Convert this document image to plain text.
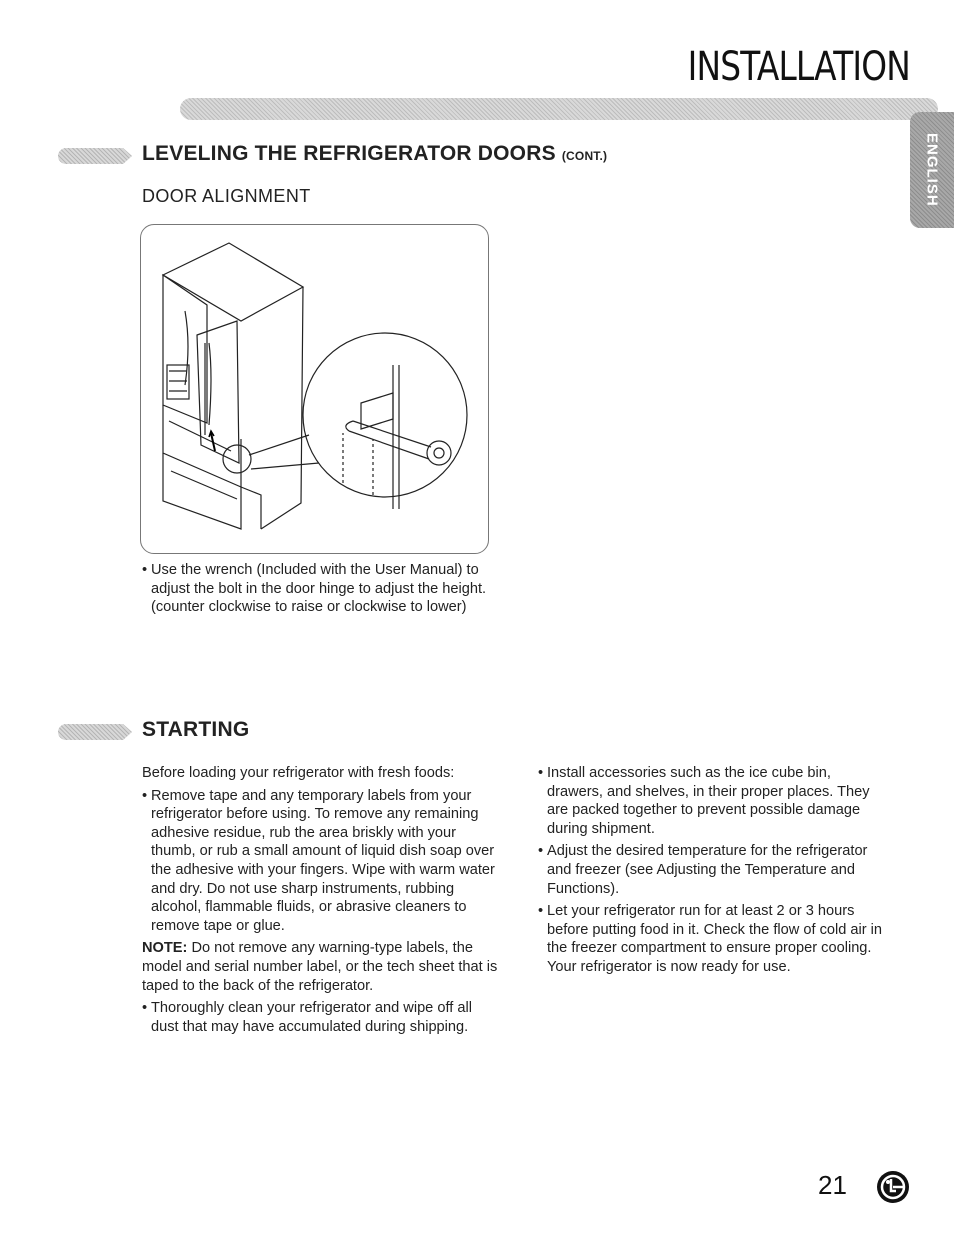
INSTALLATION
ENGLISH
LEVELING THE REFRIGERATOR DOORS (CONT.)
DOOR ALIGNMENT
• Use the wrench (Included with the User Manual) to adjust the bolt in the door hinge to adjust the height. (counter clockwise to raise or clockwise to lower)
STARTING
Before loading your refrigerator with fresh foods:
• Remove tape and any temporary labels from your refrigerator before using. To remove any remaining adhesive residue, rub the area briskly with your thumb, or rub a small amount of liquid dish soap over the adhesive with your fingers. Wipe with warm water and dry. Do not use sharp instruments, rubbing alcohol, flammable fluids, or abrasive cleaners to remove tape or glue.
NOTE: Do not remove any warning-type labels, the model and serial number label, or the tech sheet that is taped to the back of the refrigerator.
• Thoroughly clean your refrigerator and wipe off all dust that may have accumulated during shipping.
• Install accessories such as the ice cube bin, drawers, and shelves, in their proper places. They are packed together to prevent possible damage during shipment.
• Adjust the desired temperature for the refrigerator and freezer (see Adjusting the Temperature and Functions).
• Let your refrigerator run for at least 2 or 3 hours before putting food in it. Check the flow of cold air in the freezer compartment to ensure proper cooling. Your refrigerator is now ready for use.
21
